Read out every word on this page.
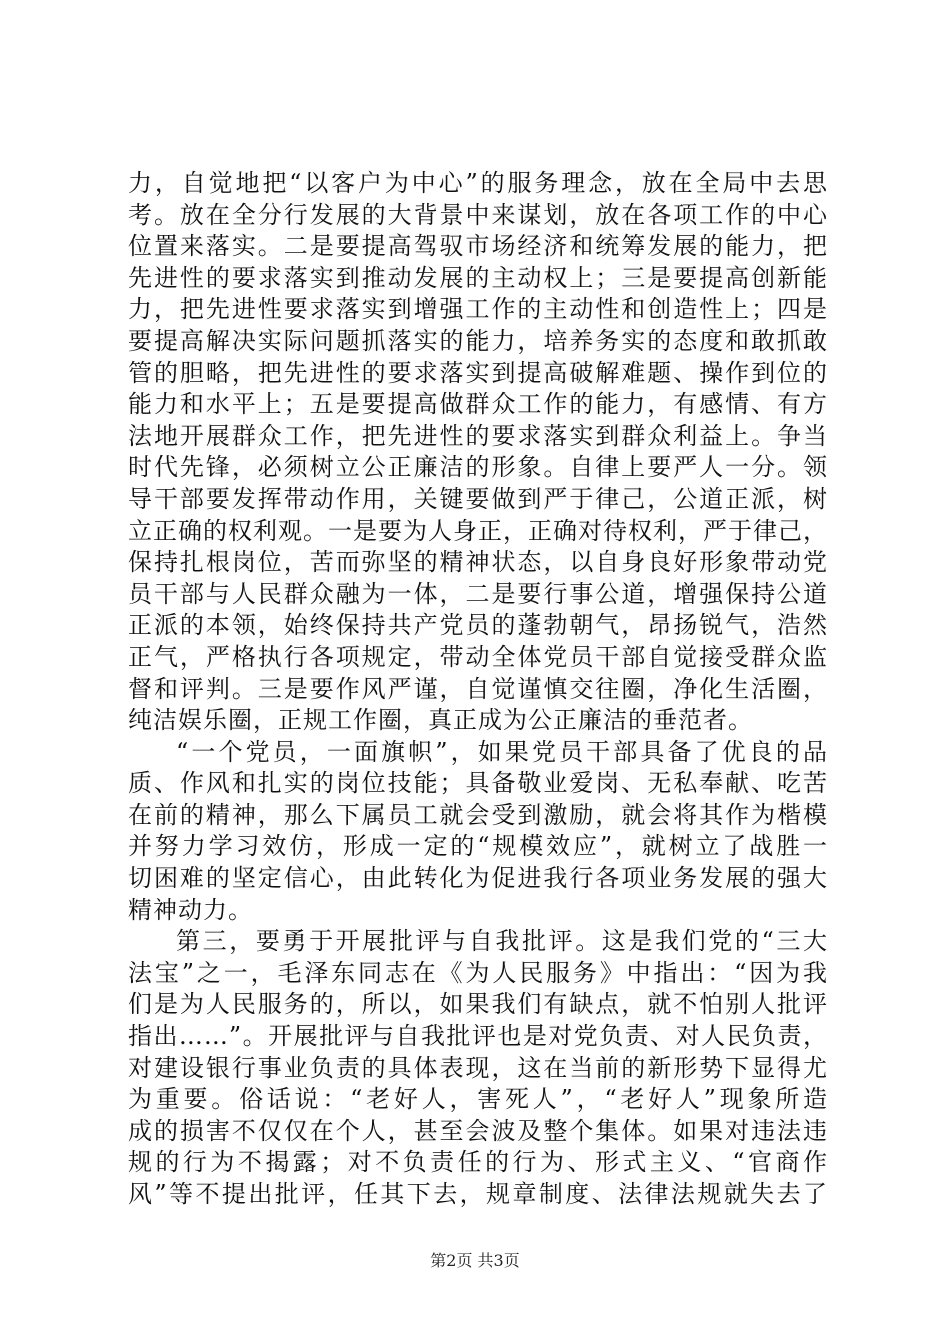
力，自觉地把“以客户为中心”的服务理念，放在全局中去思
考。放在全分行发展的大背景中来谋划，放在各项工作的中心
位置来落实。二是要提高驾驭市场经济和统筹发展的能力，把
先进性的要求落实到推动发展的主动权上；三是要提高创新能
力，把先进性要求落实到增强工作的主动性和创造性上；四是
要提高解决实际问题抓落实的能力，培养务实的态度和敢抓敢
管的胆略，把先进性的要求落实到提高破解难题、操作到位的
能力和水平上；五是要提高做群众工作的能力，有感情、有方
法地开展群众工作，把先进性的要求落实到群众利益上。争当
时代先锋，必须树立公正廉洁的形象。自律上要严人一分。领
导干部要发挥带动作用，关键要做到严于律己，公道正派，树
立正确的权利观。一是要为人身正，正确对待权利，严于律己，
保持扎根岗位，苦而弥坚的精神状态，以自身良好形象带动党
员干部与人民群众融为一体，二是要行事公道，增强保持公道
正派的本领，始终保持共产党员的蓬勃朝气，昂扬锐气，浩然
正气，严格执行各项规定，带动全体党员干部自觉接受群众监
督和评判。三是要作风严谨，自觉谨慎交往圈，净化生活圈，
纯洁娱乐圈，正规工作圈，真正成为公正廉洁的垂范者。
“一个党员，一面旗帜”，如果党员干部具备了优良的品
质、作风和扎实的岗位技能；具备敬业爱岗、无私奉献、吃苦
在前的精神，那么下属员工就会受到激励，就会将其作为楷模
并努力学习效仿，形成一定的“规模效应”，就树立了战胜一
切困难的坚定信心，由此转化为促进我行各项业务发展的强大
精神动力。
第三，要勇于开展批评与自我批评。这是我们党的“三大
法宝”之一，毛泽东同志在《为人民服务》中指出：“因为我
们是为人民服务的，所以，如果我们有缺点，就不怕别人批评
指出……”。开展批评与自我批评也是对党负责、对人民负责，
对建设银行事业负责的具体表现，这在当前的新形势下显得尤
为重要。俗话说：“老好人，害死人”，“老好人”现象所造
成的损害不仅仅在个人，甚至会波及整个集体。如果对违法违
规的行为不揭露；对不负责任的行为、形式主义、“官商作
风”等不提出批评，任其下去，规章制度、法律法规就失去了
第2页 共3页
